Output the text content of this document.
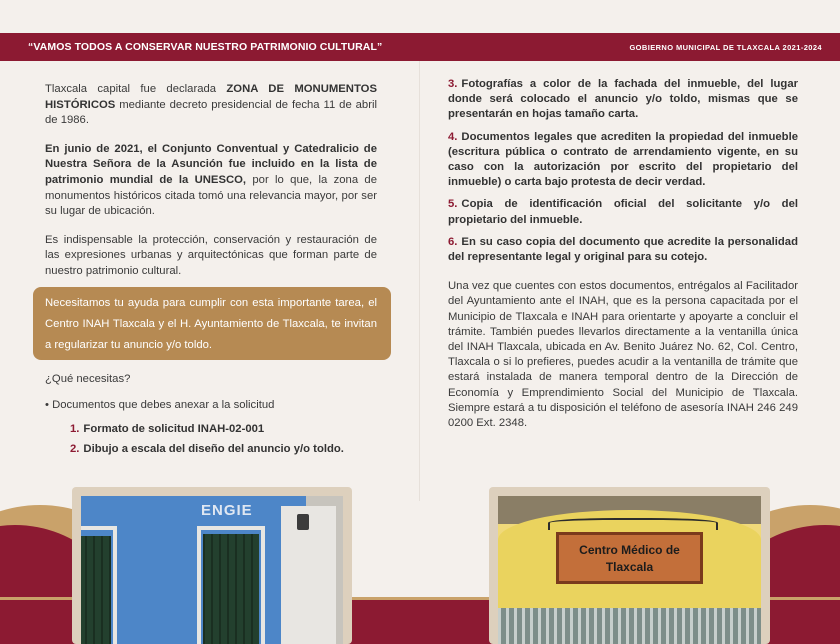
“VAMOS TODOS A CONSERVAR NUESTRO PATRIMONIO CULTURAL”	GOBIERNO MUNICIPAL DE TLAXCALA 2021-2024

Tlaxcala capital fue declarada ZONA DE MONUMENTOS HISTÓRICOS mediante decreto presidencial de fecha 11 de abril de 1986.

En junio de 2021, el Conjunto Conventual y Catedralicio de Nuestra Señora de la Asunción fue incluido en la lista de patrimonio mundial de la UNESCO, por lo que, la zona de monumentos históricos citada tomó una relevancia mayor, por ser su lugar de ubicación.

Es indispensable la protección, conservación y restauración de las expresiones urbanas y arquitectónicas que forman parte de nuestro patrimonio cultural.

Necesitamos tu ayuda para cumplir con esta importante tarea, el Centro INAH Tlaxcala y el H. Ayuntamiento de Tlaxcala, te invitan a regularizar tu anuncio y/o toldo.
¿Qué necesitas?
• Documentos que debes anexar a la solicitud
1. Formato de solicitud INAH-02-001
2. Dibujo a escala del diseño del anuncio y/o toldo.
3. Fotografías a color de la fachada del inmueble, del lugar donde será colocado el anuncio y/o toldo, mismas que se presentarán en hojas tamaño carta.
4. Documentos legales que acrediten la propiedad del inmueble (escritura pública o contrato de arrendamiento vigente, en su caso con la autorización por escrito del propietario del inmueble) o carta bajo protesta de decir verdad.
5. Copia de identificación oficial del solicitante y/o del propietario del inmueble.
6. En su caso copia del documento que acredite la personalidad del representante legal y original para su cotejo.

Una vez que cuentes con estos documentos, entrégalos al Facilitador del Ayuntamiento ante el INAH, que es la persona capacitada por el Municipio de Tlaxcala e INAH para orientarte y apoyarte a concluir el trámite. También puedes llevarlos directamente a la ventanilla única del INAH Tlaxcala, ubicada en Av. Benito Juárez No. 62, Col. Centro, Tlaxcala o si lo prefieres, puedes acudir a la ventanilla de trámite que estará instalada de manera temporal dentro de la Dirección de Economía y Emprendimiento Social del Municipio de Tlaxcala. Siempre estará a tu disposición el teléfono de asesoría INAH 246 249 0200 Ext. 2348.

ENGIE
Centro Médico de
Tlaxcala
